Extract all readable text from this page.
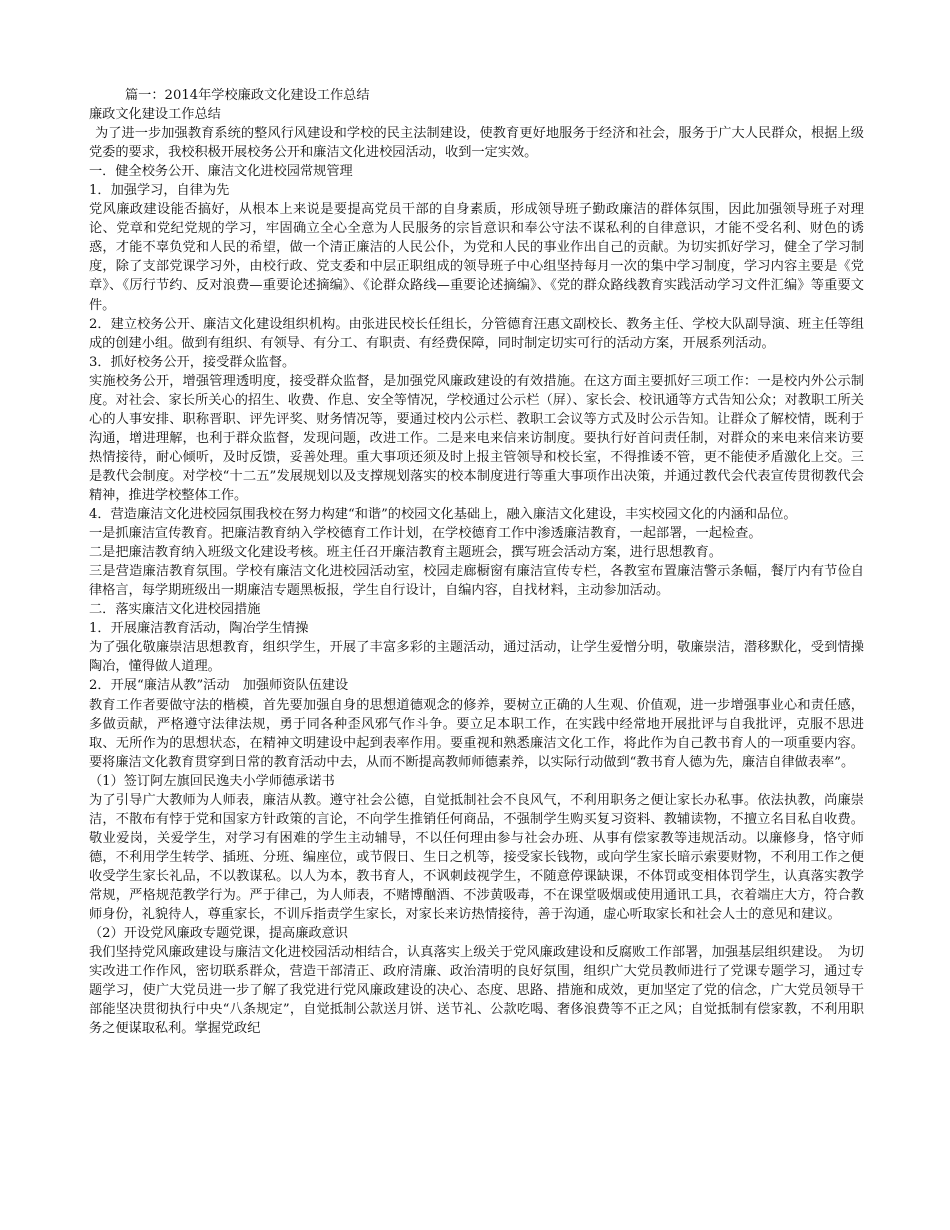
篇一：2014年学校廉政文化建设工作总结

廉政文化建设工作总结

为了进一步加强教育系统的整风行风建设和学校的民主法制建设，使教育更好地服务于经济和社会，服务于广大人民群众，根据上级党委的要求，我校积极开展校务公开和廉洁文化进校园活动，收到一定实效。

一．健全校务公开、廉洁文化进校园常规管理

1．加强学习，自律为先

党风廉政建设能否搞好，从根本上来说是要提高党员干部的自身素质，形成领导班子勤政廉洁的群体氛围，因此加强领导班子对理论、党章和党纪党规的学习，牢固确立全心全意为人民服务的宗旨意识和奉公守法不谋私利的自律意识，才能不受名利、财色的诱惑，才能不辜负党和人民的希望，做一个清正廉洁的人民公仆，为党和人民的事业作出自己的贡献。为切实抓好学习，健全了学习制度，除了支部党课学习外，由校行政、党支委和中层正职组成的领导班子中心组坚持每月一次的集中学习制度，学习内容主要是《党章》、《厉行节约、反对浪费—重要论述摘编》、《论群众路线—重要论述摘编》、《党的群众路线教育实践活动学习文件汇编》等重要文件。

2．建立校务公开、廉洁文化建设组织机构。由张进民校长任组长，分管德育汪惠文副校长、教务主任、学校大队副导演、班主任等组成的创建小组。做到有组织、有领导、有分工、有职责、有经费保障，同时制定切实可行的活动方案，开展系列活动。

3．抓好校务公开，接受群众监督。

实施校务公开，增强管理透明度，接受群众监督，是加强党风廉政建设的有效措施。在这方面主要抓好三项工作：一是校内外公示制度。对社会、家长所关心的招生、收费、作息、安全等情况，学校通过公示栏（屏）、家长会、校讯通等方式告知公众；对教职工所关心的人事安排、职称晋职、评先评奖、财务情况等，要通过校内公示栏、教职工会议等方式及时公示告知。让群众了解校情，既利于沟通，增进理解，也利于群众监督，发现问题，改进工作。二是来电来信来访制度。要执行好首问责任制，对群众的来电来信来访要热情接待，耐心倾听，及时反馈，妥善处理。重大事项还须及时上报主管领导和校长室，不得推诿不管，更不能使矛盾激化上交。三是教代会制度。对学校“十二五”发展规划以及支撑规划落实的校本制度进行等重大事项作出决策，并通过教代会代表宣传贯彻教代会精神，推进学校整体工作。

4．营造廉洁文化进校园氛围我校在努力构建“和谐”的校园文化基础上，融入廉洁文化建设，丰实校园文化的内涵和品位。

一是抓廉洁宣传教育。把廉洁教育纳入学校德育工作计划，在学校德育工作中渗透廉洁教育，一起部署，一起检查。

二是把廉洁教育纳入班级文化建设考核。班主任召开廉洁教育主题班会，撰写班会活动方案，进行思想教育。

三是营造廉洁教育氛围。学校有廉洁文化进校园活动室，校园走廊橱窗有廉洁宣传专栏，各教室布置廉洁警示条幅，餐厅内有节俭自律格言，每学期班级出一期廉洁专题黑板报，学生自行设计，自编内容，自找材料，主动参加活动。

二．落实廉洁文化进校园措施

1．开展廉洁教育活动，陶冶学生情操

为了强化敬廉崇洁思想教育，组织学生，开展了丰富多彩的主题活动，通过活动，让学生爱憎分明，敬廉崇洁，潜移默化，受到情操陶冶，懂得做人道理。

2．开展“廉洁从教”活动　加强师资队伍建设

教育工作者要做守法的楷模，首先要加强自身的思想道德观念的修养，要树立正确的人生观、价值观，进一步增强事业心和责任感，多做贡献，严格遵守法律法规，勇于同各种歪风邪气作斗争。要立足本职工作，在实践中经常地开展批评与自我批评，克服不思进取、无所作为的思想状态，在精神文明建设中起到表率作用。要重视和熟悉廉洁文化工作，将此作为自己教书育人的一项重要内容。要将廉洁文化教育贯穿到日常的教育活动中去，从而不断提高教师师德素养，以实际行动做到“教书育人德为先，廉洁自律做表率”。

（1）签订阿左旗回民逸夫小学师德承诺书

为了引导广大教师为人师表，廉洁从教。遵守社会公德，自觉抵制社会不良风气，不利用职务之便让家长办私事。依法执教，尚廉崇洁，不散布有悖于党和国家方针政策的言论，不向学生推销任何商品，不强制学生购买复习资料、教辅读物，不擅立名目私自收费。敬业爱岗，关爱学生，对学习有困难的学生主动辅导，不以任何理由参与社会办班、从事有偿家教等违规活动。以廉修身，恪守师德，不利用学生转学、插班、分班、编座位，或节假日、生日之机等，接受家长钱物，或向学生家长暗示索要财物，不利用工作之便收受学生家长礼品，不以教谋私。以人为本，教书育人，不讽刺歧视学生，不随意停课缺课，不体罚或变相体罚学生，认真落实教学常规，严格规范教学行为。严于律己，为人师表，不赌博酗酒、不涉黄吸毒，不在课堂吸烟或使用通讯工具，衣着端庄大方，符合教师身份，礼貌待人，尊重家长，不训斥指责学生家长，对家长来访热情接待，善于沟通，虚心听取家长和社会人士的意见和建议。

（2）开设党风廉政专题党课，提高廉政意识

我们坚持党风廉政建设与廉洁文化进校园活动相结合，认真落实上级关于党风廉政建设和反腐败工作部署，加强基层组织建设。　为切实改进工作作风，密切联系群众，营造干部清正、政府清廉、政治清明的良好氛围，组织广大党员教师进行了党课专题学习，通过专题学习，使广大党员进一步了解了我党进行党风廉政建设的决心、态度、思路、措施和成效，更加坚定了党的信念，广大党员领导干部能坚决贯彻执行中央“八条规定”，自觉抵制公款送月饼、送节礼、公款吃喝、奢侈浪费等不正之风；自觉抵制有偿家教，不利用职务之便谋取私利。掌握党政纪
